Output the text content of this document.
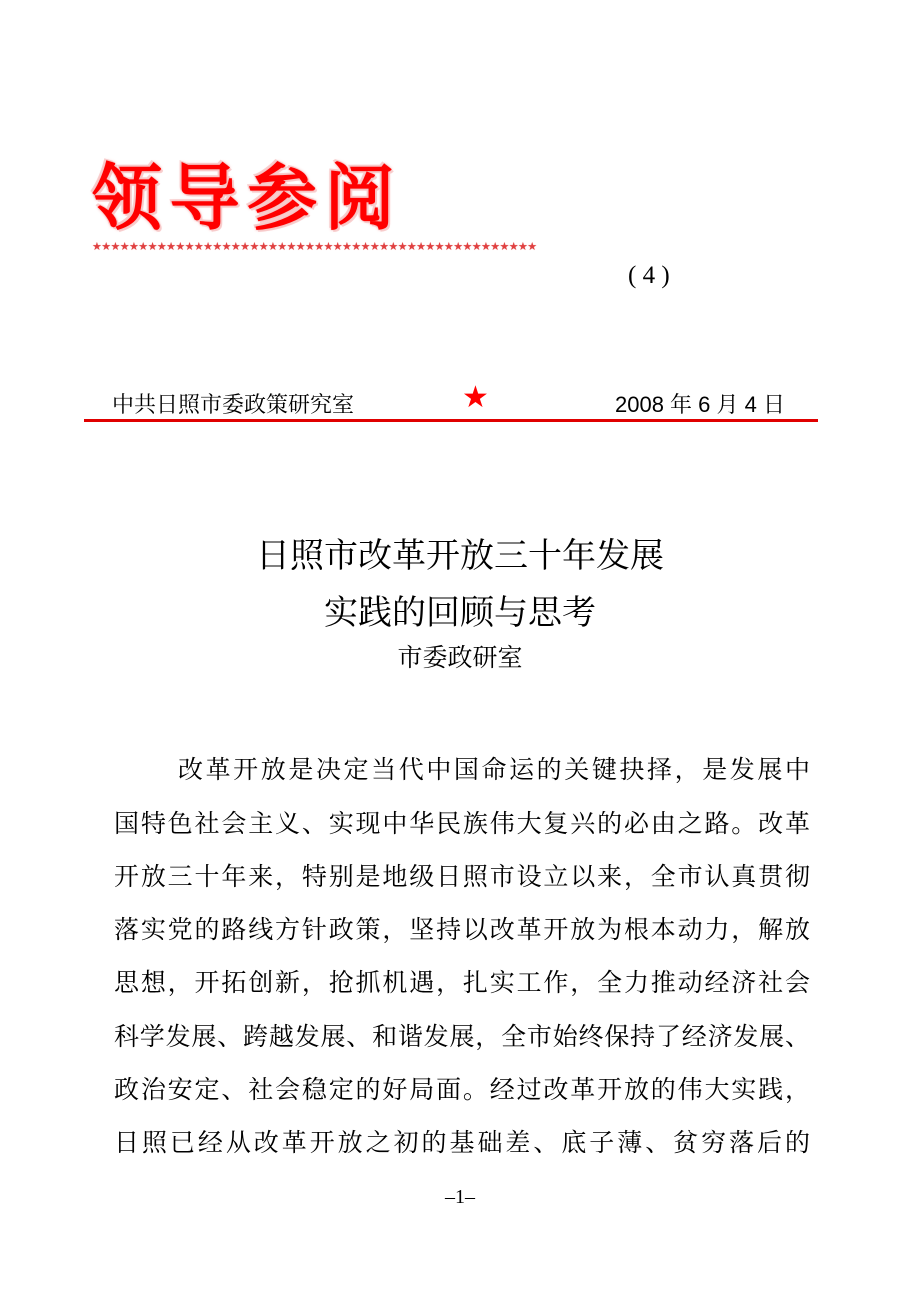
领导参阅
★★★★★★★★★★★★★★★★★★★★★★★★★★★★★★★★★★★★★★★★★★★★★★★★
( 4 )
中共日照市委政策研究室	★	2008 年 6 月 4 日
日照市改革开放三十年发展
实践的回顾与思考
市委政研室
改革开放是决定当代中国命运的关键抉择，是发展中
国特色社会主义、实现中华民族伟大复兴的必由之路。改革
开放三十年来，特别是地级日照市设立以来，全市认真贯彻
落实党的路线方针政策，坚持以改革开放为根本动力，解放
思想，开拓创新，抢抓机遇，扎实工作，全力推动经济社会
科学发展、跨越发展、和谐发展，全市始终保持了经济发展、
政治安定、社会稳定的好局面。经过改革开放的伟大实践，
日照已经从改革开放之初的基础差、底子薄、贫穷落后的
–1–
